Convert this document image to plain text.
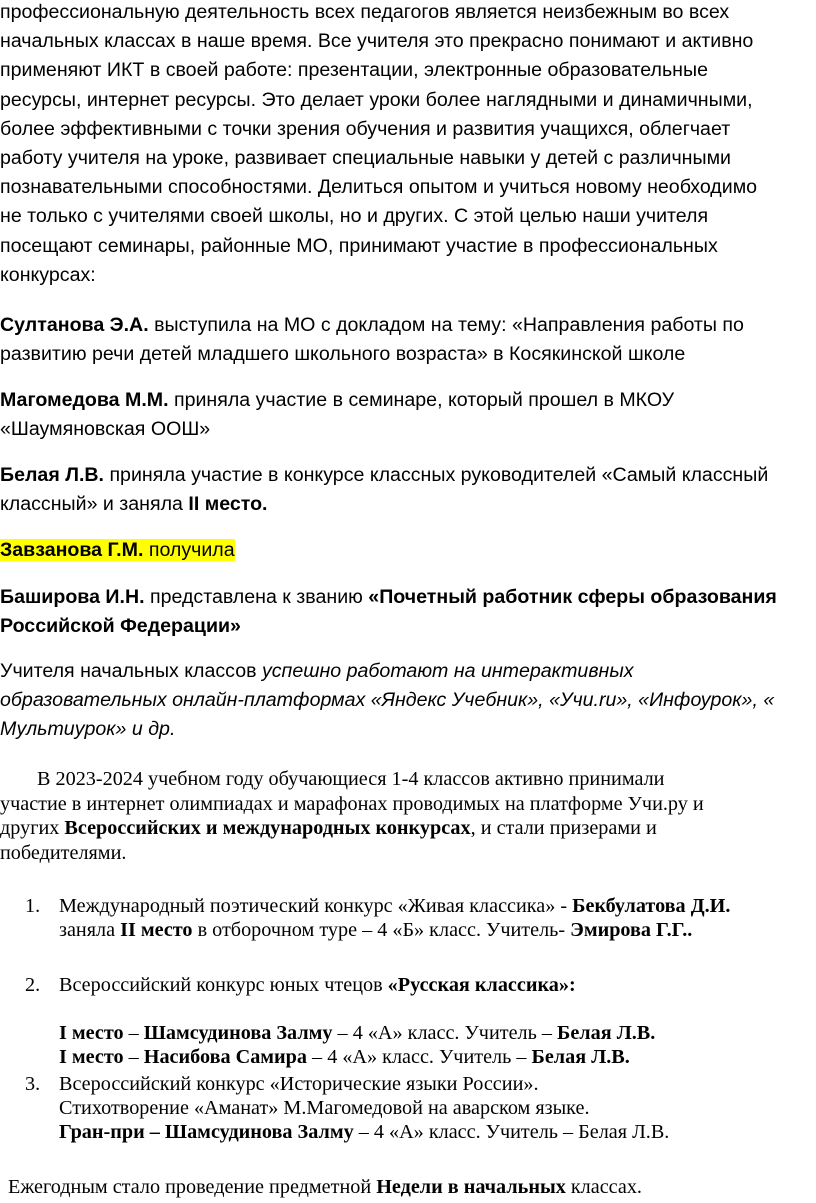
профессиональную деятельность всех педагогов является неизбежным во всех
начальных классах в наше время. Все учителя это прекрасно понимают и активно
применяют ИКТ в своей работе: презентации, электронные образовательные
ресурсы, интернет ресурсы. Это делает уроки более наглядными и динамичными,
более эффективными с точки зрения обучения и развития учащихся, облегчает
работу учителя на уроке, развивает специальные навыки у детей с различными
познавательными способностями. Делиться опытом и учиться новому необходимо
не только с учителями своей школы, но и других. С этой целью наши учителя
посещают семинары, районные МО, принимают участие в профессиональных
конкурсах:
Султанова Э.А. выступила на МО с докладом на тему: «Направления работы по
развитию речи детей младшего школьного возраста» в Косякинской школе
Магомедова М.М. приняла участие в семинаре, который прошел в МКОУ
«Шаумяновская ООШ»
Белая Л.В. приняла участие в конкурсе классных руководителей «Самый классный
классный» и заняла II место.
Завзанова Г.М. получила
Баширова И.Н. представлена к званию «Почетный работник сферы образования
Российской Федерации»
Учителя начальных классов успешно работают на интерактивных
образовательных онлайн-платформах «Яндекс Учебник», «Учи.ru», «Инфоурок», «
Мультиурок» и др.
В 2023-2024 учебном году обучающиеся 1-4 классов активно принимали
участие в интернет олимпиадах и марафонах проводимых на платформе Учи.ру и
других Всероссийских и международных конкурсах, и стали призерами и
победителями.
1. Международный поэтический конкурс «Живая классика» - Бекбулатова Д.И.
заняла II место в отборочном туре – 4 «Б» класс. Учитель- Эмирова Г.Г..
2. Всероссийский конкурс юных чтецов «Русская классика»:
I место – Шамсудинова Залму – 4 «А» класс. Учитель – Белая Л.В.
I место – Насибова Самира – 4 «А» класс. Учитель – Белая Л.В.
3. Всероссийский конкурс «Исторические языки России».
Стихотворение «Аманат» М.Магомедовой на аварском языке.
Гран-при – Шамсудинова Залму – 4 «А» класс. Учитель – Белая Л.В.
Ежегодным стало проведение предметной Недели в начальных классах.
